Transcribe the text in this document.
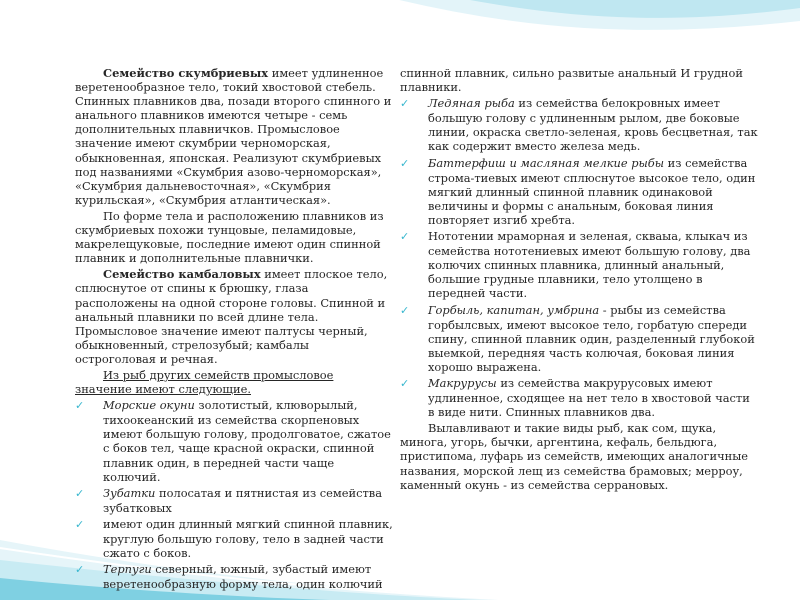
Семейство скумбриевых имеет удлиненное веретенообразное тело, токий хвостовой стебель. Спинных плавников два, позади второго спинного и анального плавников имеются четыре - семь дополнительных плавничков. Промысловое значение имеют скумбрии черноморская, обыкновенная, японская. Реализуют скумбриевых под названиями «Скумбрия азово-черноморская», «Скумбрия дальневосточная», «Скумбрия курильская», «Скумбрия атлантическая».

По форме тела и расположению плавников из скумбриевых похожи тунцовые, пеламидовые, макрелещуковые, последние имеют один спинной плавник и дополнительные плавнички.

Семейство камбаловых имеет плоское тело, сплюснутое от спины к брюшку, глаза расположены на одной стороне головы. Спинной и анальный плавники по всей длине тела. Промысловое значение имеют палтусы черный, обыкновенный, стрелозубый; камбалы остроголовая и речная.

Из рыб других семейств промысловое значение имеют следующие.

✓ Морские окуни золотистый, клюворылый, тихоокеанский из семейства скорпеновых имеют большую голову, продолговатое, сжатое с боков тел, чаще красной окраски, спинной плавник один, в передней части чаще колючий.

✓ Зубатки полосатая и пятнистая из семейства зубатковых

✓ имеют один длинный мягкий спинной плавник, круглую большую голову, тело в задней части сжато с боков.

✓ Терпуги северный, южный, зубастый имеют веретенообразную форму тела, один колючий

спинной плавник, сильно развитые анальный И грудной плавники.

✓ Ледяная рыба из семейства белокровных имеет большую голову с удлиненным рылом, две боковые линии, окраска светло-зеленая, кровь бесцветная, так как содержит вместо железа медь.

✓ Баттерфиш и масляная мелкие рыбы из семейства строма-тиевых имеют сплюснутое высокое тело, один мягкий длинный спинной плавник одинаковой величины и формы с анальным, боковая линия повторяет изгиб хребта.

✓ Нототении мраморная и зеленая, скваыа, клыкач из семейства нототениевых имеют большую голову, два колючих спинных плавника, длинный анальный, большие грудные плавники, тело утолщено в передней части.

✓ Горбыль, капитан, умбрина - рыбы из семейства горбылсвых, имеют высокое тело, горбатую спереди спину, спинной плавник один, разделенный глубокой выемкой, передняя часть колючая, боковая линия хорошо выражена.

✓ Макрурусы из семейства макрурусовых имеют удлиненное, сходящее на нет тело в хвостовой части в виде нити. Спинных плавников два.

Вылавливают и такие виды рыб, как сом, щука, минога, угорь, бычки, аргентина, кефаль, бельдюга, пристипома, луфарь из семейств, имеющих аналогичные названия, морской лещ из семейства брамовых; мерроу, каменный окунь - из семейства серрановых.
